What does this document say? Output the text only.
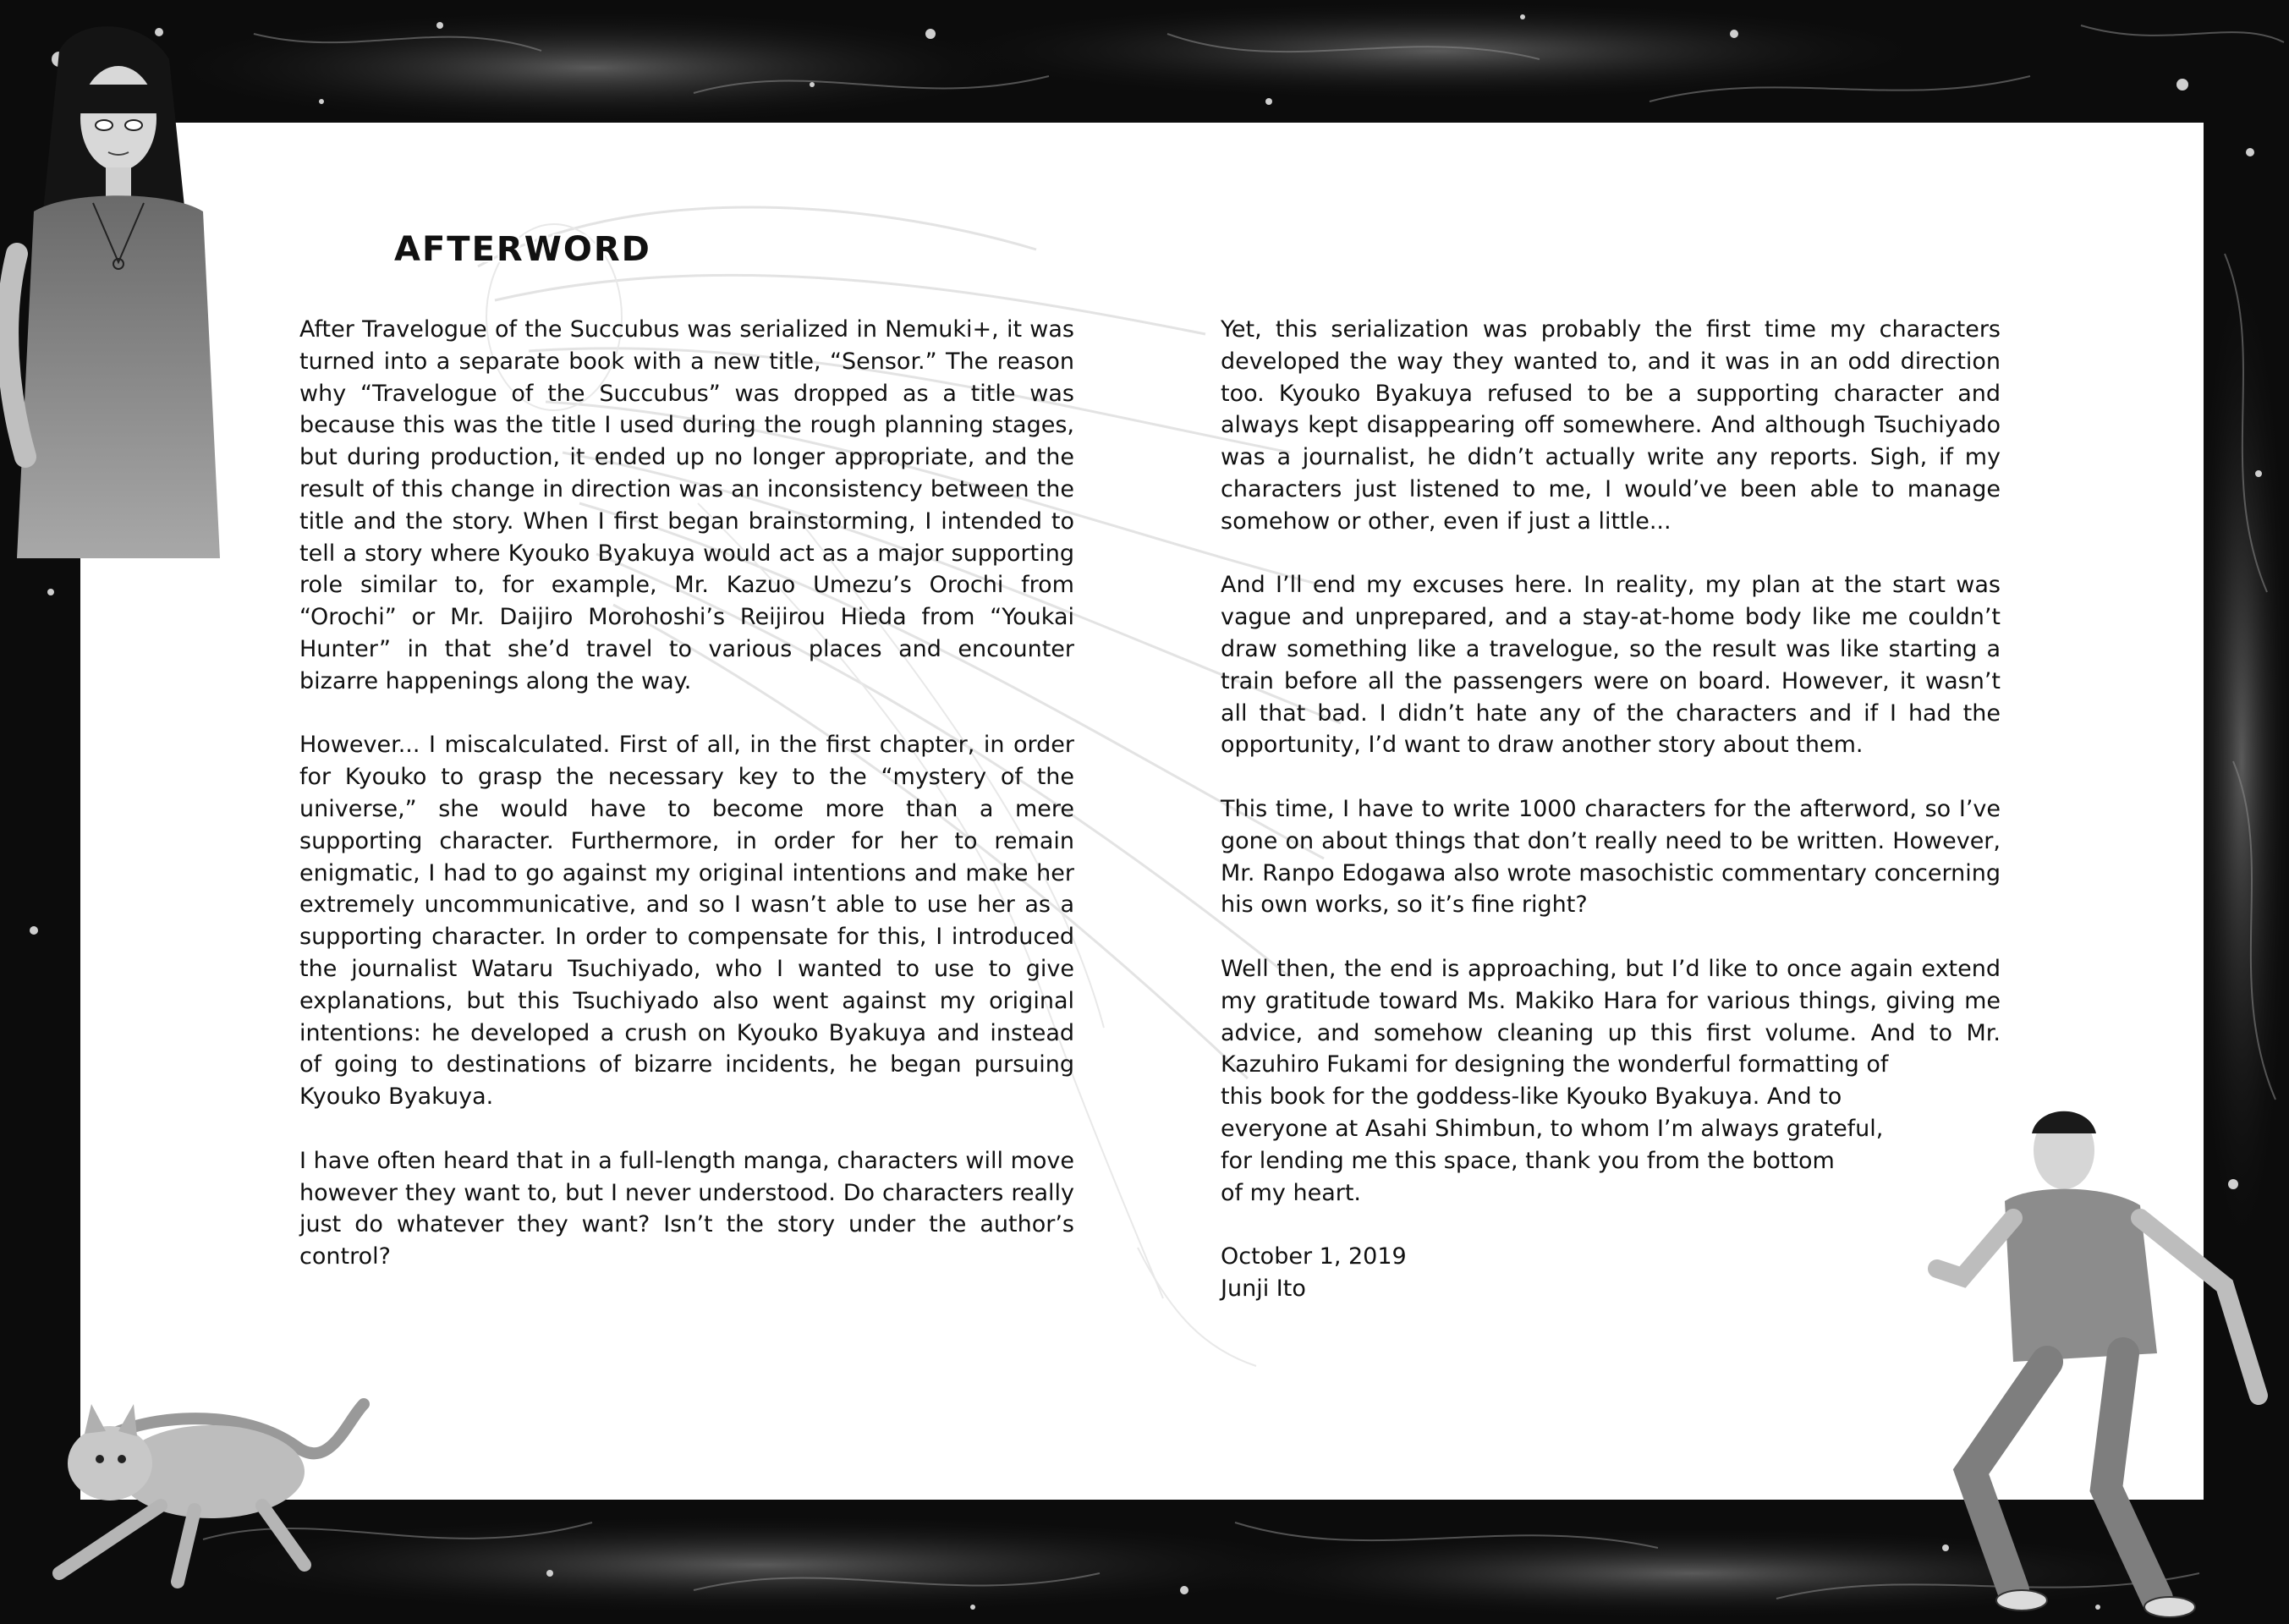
AFTERWORD

After Travelogue of the Succubus was serialized in Nemuki+, it was turned into a separate book with a new title, “Sensor.” The reason why “Travelogue of the Succubus” was dropped as a title was because this was the title I used during the rough planning stages, but during production, it ended up no longer appropriate, and the result of this change in direction was an inconsistency between the title and the story. When I first began brainstorming, I intended to tell a story where Kyouko Byakuya would act as a major supporting role similar to, for example, Mr. Kazuo Umezu’s Orochi from “Orochi” or Mr. Daijiro Morohoshi’s Reijirou Hieda from “Youkai Hunter” in that she’d travel to various places and encounter bizarre happenings along the way.

However... I miscalculated. First of all, in the first chapter, in order for Kyouko to grasp the necessary key to the “mystery of the universe,” she would have to become more than a mere supporting character. Furthermore, in order for her to remain enigmatic, I had to go against my original intentions and make her extremely uncommunicative, and so I wasn’t able to use her as a supporting character. In order to compensate for this, I introduced the journalist Wataru Tsuchiyado, who I wanted to use to give explanations, but this Tsuchiyado also went against my original intentions: he developed a crush on Kyouko Byakuya and instead of going to destinations of bizarre incidents, he began pursuing Kyouko Byakuya.

I have often heard that in a full-length manga, characters will move however they want to, but I never understood. Do characters really just do whatever they want? Isn’t the story under the author’s control?

Yet, this serialization was probably the first time my characters developed the way they wanted to, and it was in an odd direction too. Kyouko Byakuya refused to be a supporting character and always kept disappearing off somewhere. And although Tsuchiyado was a journalist, he didn’t actually write any reports. Sigh, if my characters just listened to me, I would’ve been able to manage somehow or other, even if just a little...

And I’ll end my excuses here. In reality, my plan at the start was vague and unprepared, and a stay-at-home body like me couldn’t draw something like a travelogue, so the result was like starting a train before all the passengers were on board. However, it wasn’t all that bad. I didn’t hate any of the characters and if I had the opportunity, I’d want to draw another story about them.

This time, I have to write 1000 characters for the afterword, so I’ve gone on about things that don’t really need to be written. However, Mr. Ranpo Edogawa also wrote masochistic commentary concerning his own works, so it’s fine right?

Well then, the end is approaching, but I’d like to once again extend my gratitude toward Ms. Makiko Hara for various things, giving me advice, and somehow cleaning up this first volume. And to Mr. Kazuhiro Fukami for designing the wonderful formatting of

this book for the goddess-like Kyouko Byakuya. And to
everyone at Asahi Shimbun, to whom I’m always grateful,
for lending me this space, thank you from the bottom
of my heart.

October 1, 2019
Junji Ito
